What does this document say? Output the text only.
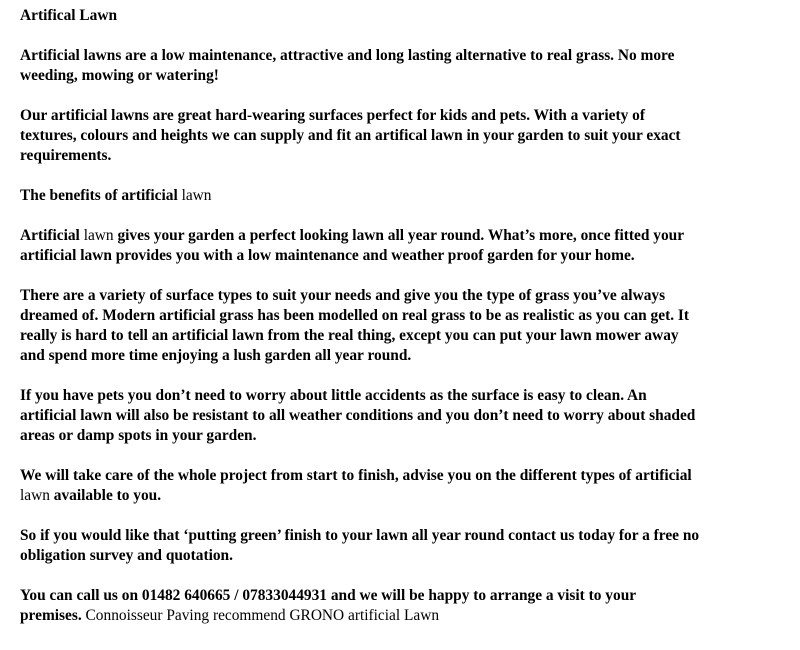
Artifical Lawn
Artificial lawns are a low maintenance, attractive and long lasting alternative to real grass. No more
weeding, mowing or watering!
Our artificial lawns are great hard-wearing surfaces perfect for kids and pets. With a variety of
textures, colours and heights we can supply and fit an artifical lawn in your garden to suit your exact
requirements.
The benefits of artificial lawn
Artificial lawn gives your garden a perfect looking lawn all year round. What’s more, once fitted your
artificial lawn provides you with a low maintenance and weather proof garden for your home.
There are a variety of surface types to suit your needs and give you the type of grass you’ve always
dreamed of. Modern artificial grass has been modelled on real grass to be as realistic as you can get. It
really is hard to tell an artificial lawn from the real thing, except you can put your lawn mower away
and spend more time enjoying a lush garden all year round.
If you have pets you don’t need to worry about little accidents as the surface is easy to clean. An
artificial lawn will also be resistant to all weather conditions and you don’t need to worry about shaded
areas or damp spots in your garden.
We will take care of the whole project from start to finish, advise you on the different types of artificial
lawn available to you.
So if you would like that ‘putting green’ finish to your lawn all year round contact us today for a free no
obligation survey and quotation.
You can call us on 01482 640665 / 07833044931 and we will be happy to arrange a visit to your
premises. Connoisseur Paving recommend GRONO artificial Lawn
